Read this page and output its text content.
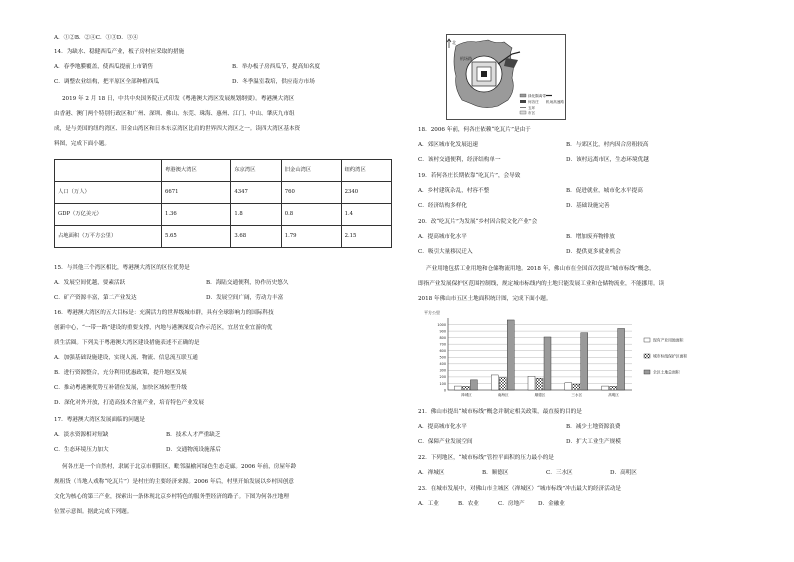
A．①②B．②④C．①③D．③④
14．为缺水、稳健西瓜产业，板子房村应采取的措施
A．春季地膜覆盖，使西瓜提前上市销售	B．举办板子房西瓜节，提高知名度
C．调整农业结构，把平原区全部种植西瓜	D．冬季温室栽培，供应南方市场
2019 年 2 月 18 日，中共中央国务院正式印发《粤港澳大湾区发展规划纲要》。粤港澳大湾区
由香港、澳门两个特别行政区和广州、深圳、佛山、东莞、珠海、惠州、江门、中山、肇庆九市组
成，是与美国的纽约湾区、旧金山湾区和日本东京湾区比肩的世界四大湾区之一。读四大湾区基本资
料图，完成下面小题。
	粤港澳大湾区	东京湾区	旧金山湾区	纽约湾区
人口（万人）	6671	4347	760	2340
GDP（万亿美元）	1.36	1.8	0.8	1.4
占地面积（万平方公里）	5.65	3.68	1.79	2.15
15．与其他三个湾区相比，粤港澳大湾区的区位优势是
A．发展空间优越，要素活跃	B．海陆交通便利，协作历史悠久
C．矿产资源丰富，第二产业发达	D．发展空间广阔，劳动力丰富
16．粤港澳大湾区的五大目标是：充满活力的世界级城市群，具有全球影响力的国际科技
创新中心，“一带一路”建设的重要支撑，内地与港澳深度合作示范区，宜居宜业宜游的优
质生活圈。下列关于粤港澳大湾区建设措施表述不正确的是
A．加强基础设施建设，实现人流、物流、信息流互联互通
B．进行资源整合，充分利用优惠政策，提升地区发展
C．推动粤港澳优势互补错位发展，加快区域转型升级
D．深化对外开放，打造高技术含量产业，培育特色产业发展
17．粤港澳大湾区发展面临的问题是
A．淡水资源相对短缺	B．技术人才严重缺乏
C．生态环境压力加大	D．交通物流设施落后
何各庄是一个自然村，隶属于北京市朝阳区，毗邻温榆河绿色生态走廊。2006 年前，房屋年龄
规租货（当地人戏称“吃瓦片”）是村庄的主要经济来源。2006 年后，村里开始发展以乡村因创意
文化为核心的第三产业，探索出一条体现北京乡村特色的服务型经济的路子。下图为何各庄地理
位置示意图。据此完成下列题。
北
机场路
绿化隔离带
何各庄
五环
市区
机场高速路
18．2006 年前，何各庄依赖“吃瓦片”是由于
A．郊区城市化发展迅速	B．与郊区比，村内因合房租较高
C．该村交通便利，经济结构单一	D．该村远离市区，生态环境优越
19．若何各庄长期依靠“吃瓦片”，会导致
A．乡村建筑杂乱，村容不整	B．促进就业，城市化水平提高
C．经济结构多样化	D．基础设施完善
20．改“吃瓦片”为发展“乡村因合院文化产业”会
A．提高城市化水平	B．增加废弃物排放
C．吸引大量移民迁入	D．提供更多就业机会
产业用地包括工业用地和仓储物流用地。2018 年，佛山市在全国首次提出“城市标线”概念，
即指产业发展保护区范围控制线，规定城市标线内的土地只能发展工业和仓储物流业，不能挪用。读
2018 年佛山市五区土地面积统计图，完成下面小题。
平方公里
1000
900
800
700
600
500
400
300
200
100
0
禅城区	南海区	顺德区	三水区	高明区
现有产业用地面积
城市标线保护区面积
全区土地总面积
21．佛山市提出“城市标线”概念并制定相关政策，最直接的目的是
A．提高城市化水平	B．减少土地资源浪费
C．保障产业发展空间	D．扩大工业生产规模
22．下列地区，“城市标线”管控平面积的压力最小的是
A．禅城区	B．顺德区	C．三水区	D．高明区
23．在城市发展中，对佛山市主城区（禅城区）“城市标线”冲击最大的经济活动是
A．工业	B．农业	C．房地产 D．金融业
